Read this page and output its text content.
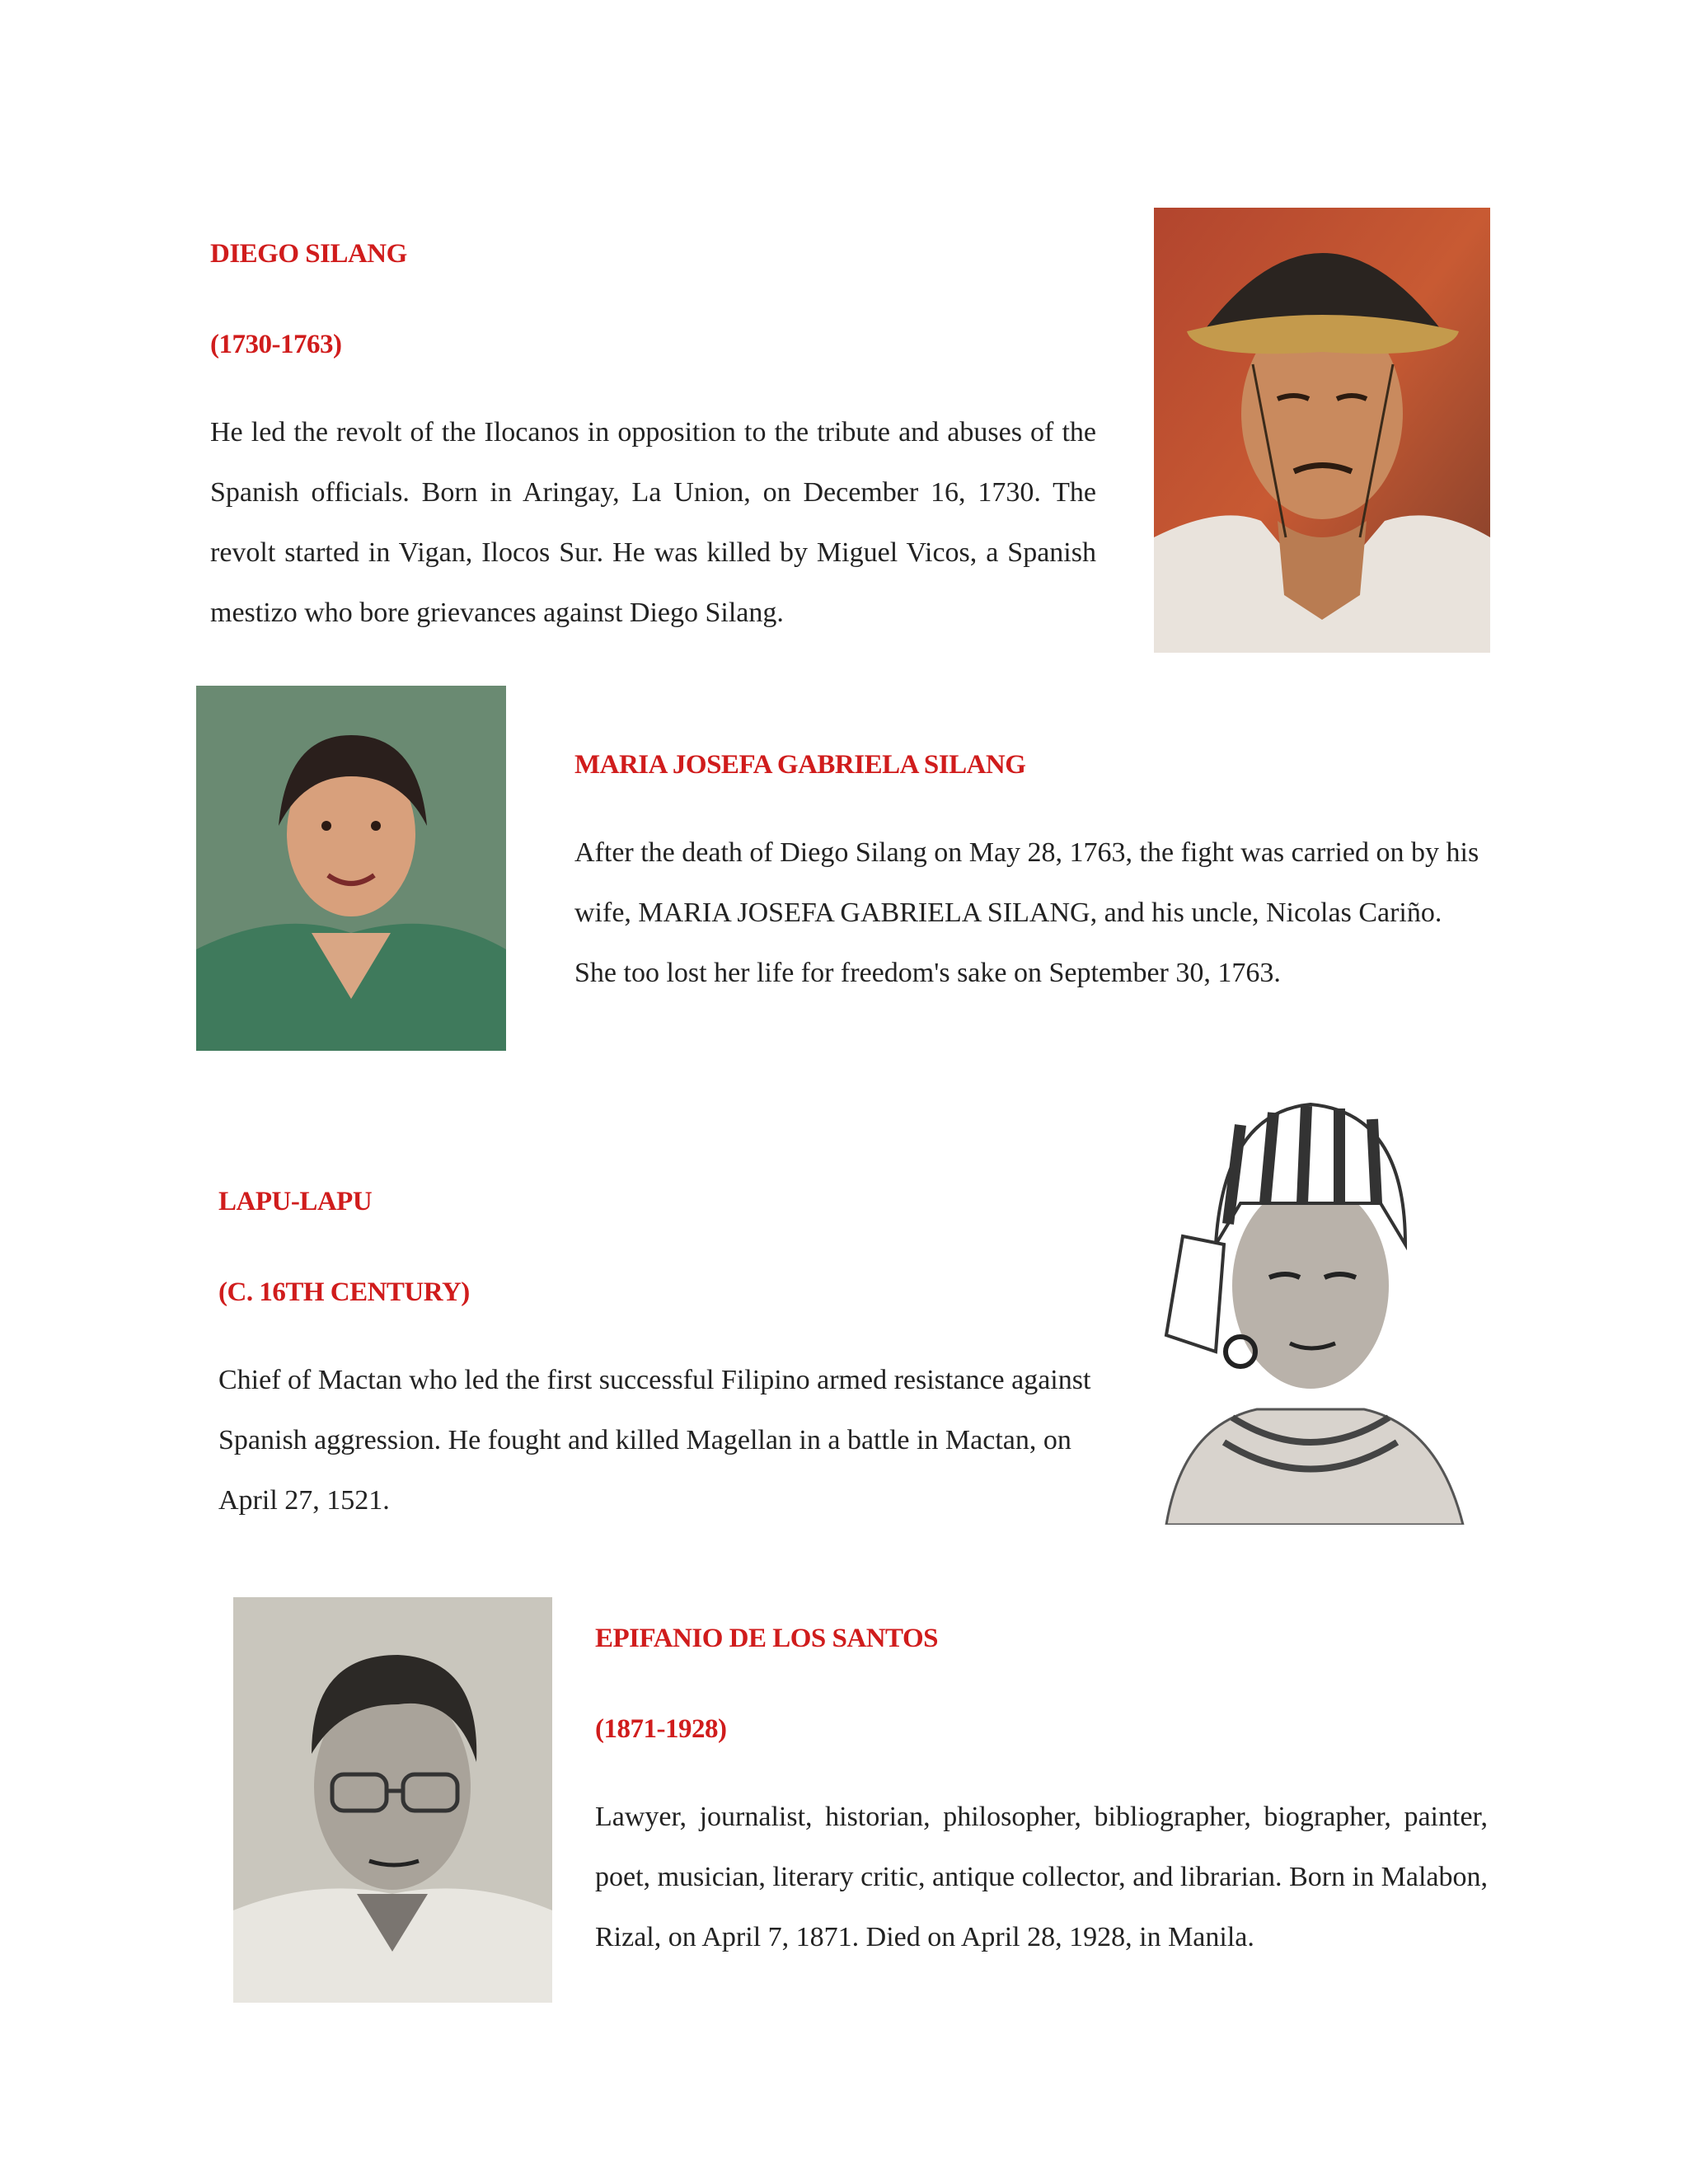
DIEGO SILANG
(1730-1763)

He led the revolt of the Ilocanos in opposition to the tribute and abuses of the Spanish officials. Born in Aringay, La Union, on December 16, 1730. The revolt started in Vigan, Ilocos Sur. He was killed by Miguel Vicos, a Spanish mestizo who bore grievances against Diego Silang.

MARIA JOSEFA GABRIELA SILANG

After the death of Diego Silang on May 28, 1763, the fight was carried on by his wife, MARIA JOSEFA GABRIELA SILANG, and his uncle, Nicolas Cariño. She too lost her life for freedom's sake on September 30, 1763.

LAPU-LAPU
(C. 16TH CENTURY)

Chief of Mactan who led the first successful Filipino armed resistance against Spanish aggression. He fought and killed Magellan in a battle in Mactan, on April 27, 1521.

EPIFANIO DE LOS SANTOS
(1871-1928)

Lawyer, journalist, historian, philosopher, bibliographer, biographer, painter, poet, musician, literary critic, antique collector, and librarian. Born in Malabon, Rizal, on April 7, 1871. Died on April 28, 1928, in Manila.
